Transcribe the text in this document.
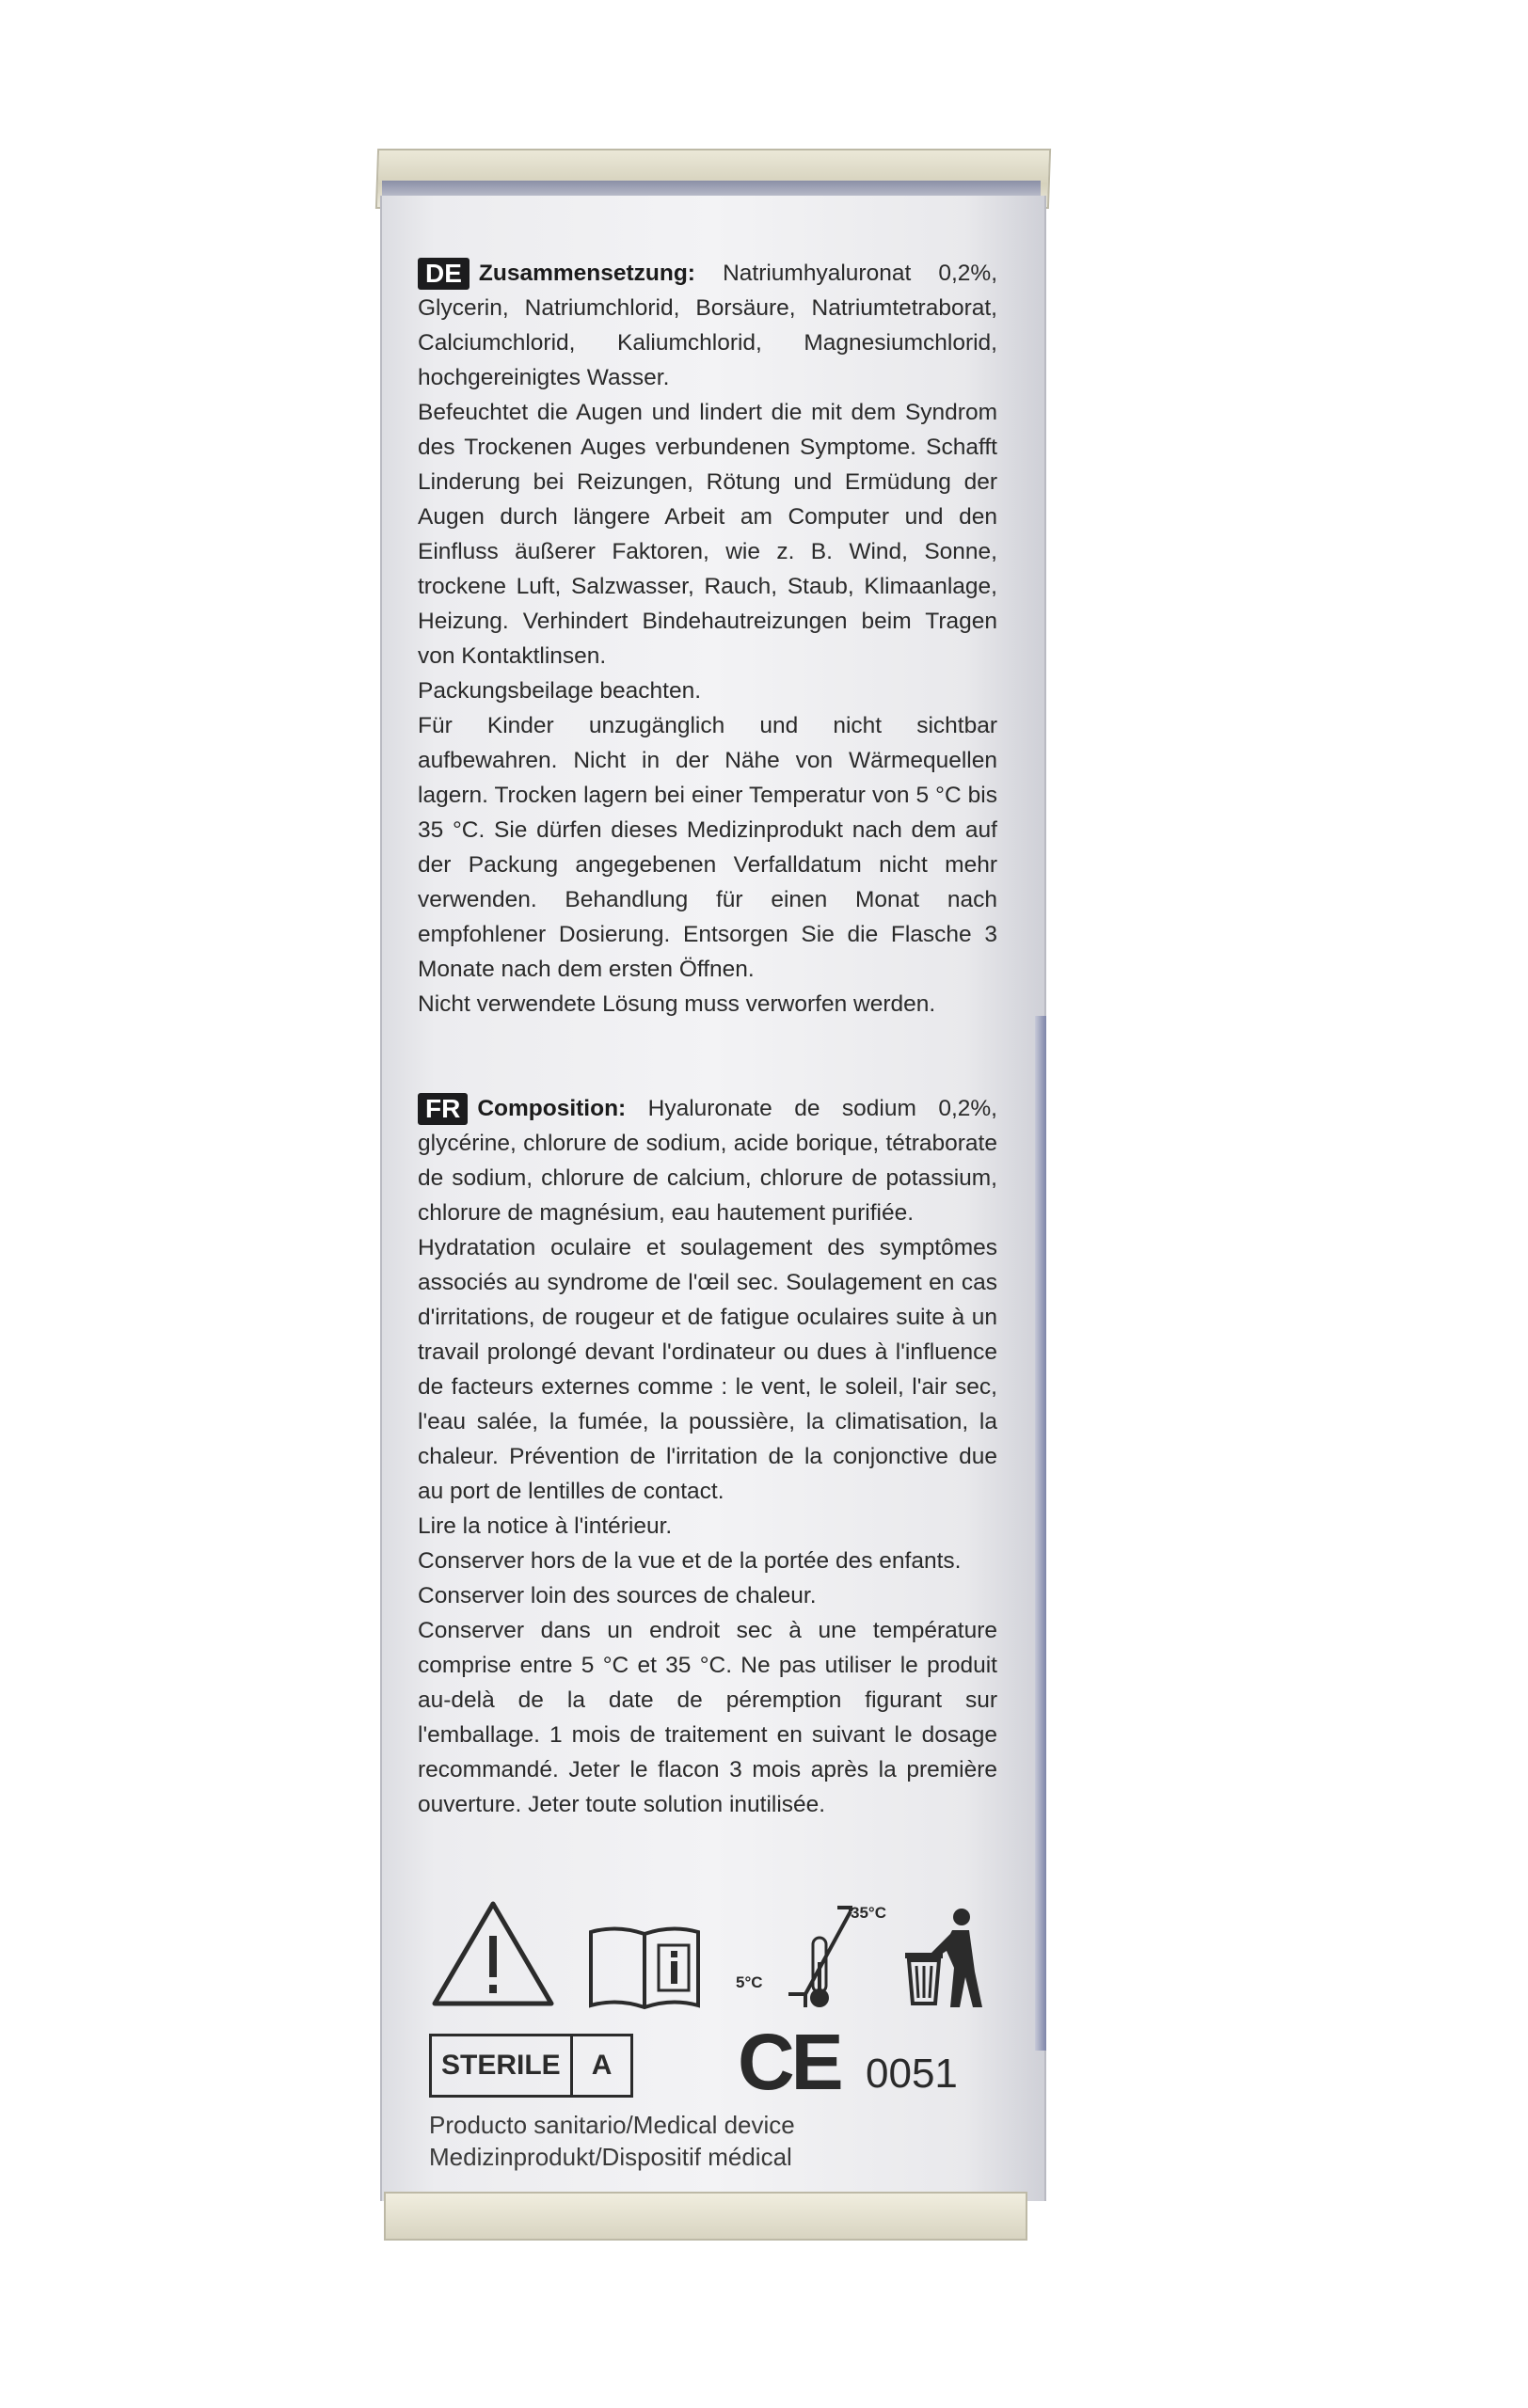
DE Zusammensetzung: Natriumhyaluronat 0,2%, Glycerin, Natriumchlorid, Borsäure, Natriumtetraborat, Calciumchlorid, Kaliumchlorid, Magnesiumchlorid, hochgereinigtes Wasser.

Befeuchtet die Augen und lindert die mit dem Syndrom des Trockenen Auges verbundenen Symptome. Schafft Linderung bei Reizungen, Rötung und Ermüdung der Augen durch längere Arbeit am Computer und den Einfluss äußerer Faktoren, wie z. B. Wind, Sonne, trockene Luft, Salzwasser, Rauch, Staub, Klimaanlage, Heizung. Verhindert Bindehautreizungen beim Tragen von Kontaktlinsen.

Packungsbeilage beachten.

Für Kinder unzugänglich und nicht sichtbar aufbewahren. Nicht in der Nähe von Wärmequellen lagern. Trocken lagern bei einer Temperatur von 5 °C bis 35 °C. Sie dürfen dieses Medizinprodukt nach dem auf der Packung angegebenen Verfalldatum nicht mehr verwenden. Behandlung für einen Monat nach empfohlener Dosierung. Entsorgen Sie die Flasche 3 Monate nach dem ersten Öffnen.

Nicht verwendete Lösung muss verworfen werden.

FR Composition: Hyaluronate de sodium 0,2%, glycérine, chlorure de sodium, acide borique, tétraborate de sodium, chlorure de calcium, chlorure de potassium, chlorure de magnésium, eau hautement purifiée.

Hydratation oculaire et soulagement des symptômes associés au syndrome de l'œil sec. Soulagement en cas d'irritations, de rougeur et de fatigue oculaires suite à un travail prolongé devant l'ordinateur ou dues à l'influence de facteurs externes comme : le vent, le soleil, l'air sec, l'eau salée, la fumée, la poussière, la climatisation, la chaleur. Prévention de l'irritation de la conjonctive due au port de lentilles de contact.

Lire la notice à l'intérieur.

Conserver hors de la vue et de la portée des enfants.

Conserver loin des sources de chaleur.

Conserver dans un endroit sec à une température comprise entre 5 °C et 35 °C. Ne pas utiliser le produit au-delà de la date de péremption figurant sur l'emballage. 1 mois de traitement en suivant le dosage recommandé. Jeter le flacon 3 mois après la première ouverture. Jeter toute solution inutilisée.

35°C
5°C
STERILE	A CE 0051
Producto sanitario/Medical device
Medizinprodukt/Dispositif médical
